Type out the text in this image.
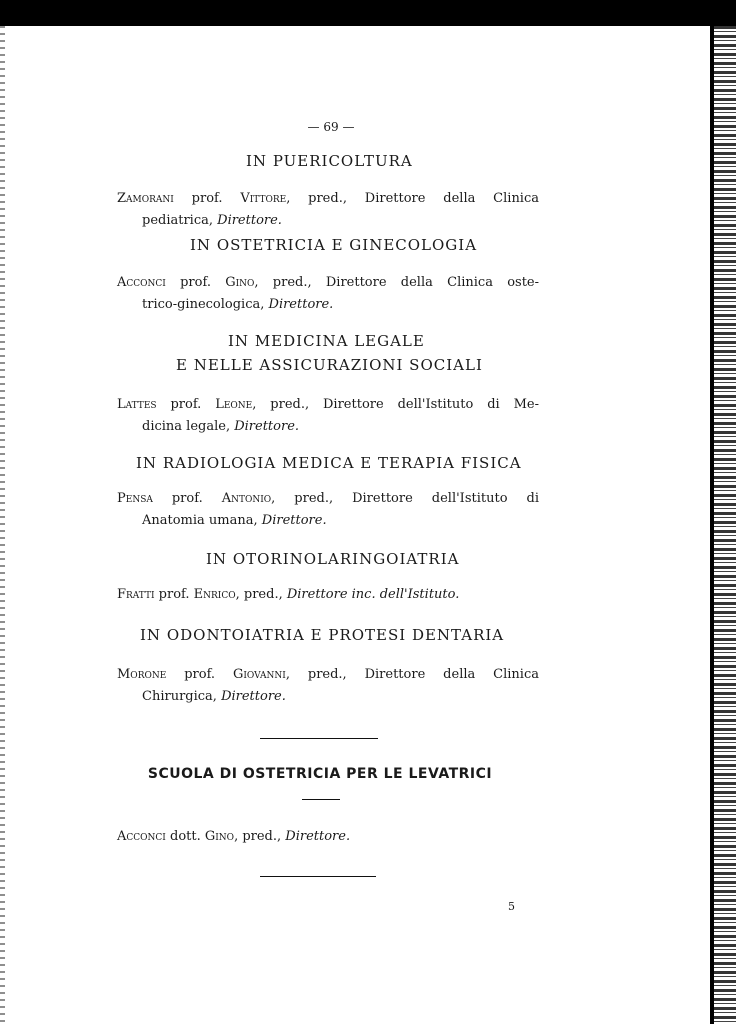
— 69 —
IN PUERICOLTURA
Zamorani prof. Vittore, pred., Direttore della Clinica
pediatrica, Direttore.
IN OSTETRICIA E GINECOLOGIA
Acconci prof. Gino, pred., Direttore della Clinica oste-
trico-ginecologica, Direttore.
IN MEDICINA LEGALE
E NELLE ASSICURAZIONI SOCIALI
Lattes prof. Leone, pred., Direttore dell'Istituto di Me-
dicina legale, Direttore.
IN RADIOLOGIA MEDICA E TERAPIA FISICA
Pensa prof. Antonio, pred., Direttore dell'Istituto di
Anatomia umana, Direttore.
IN OTORINOLARINGOIATRIA
Fratti prof. Enrico, pred., Direttore inc. dell'Istituto.
IN ODONTOIATRIA E PROTESI DENTARIA
Morone prof. Giovanni, pred., Direttore della Clinica
Chirurgica, Direttore.
SCUOLA DI OSTETRICIA PER LE LEVATRICI
Acconci dott. Gino, pred., Direttore.
5
